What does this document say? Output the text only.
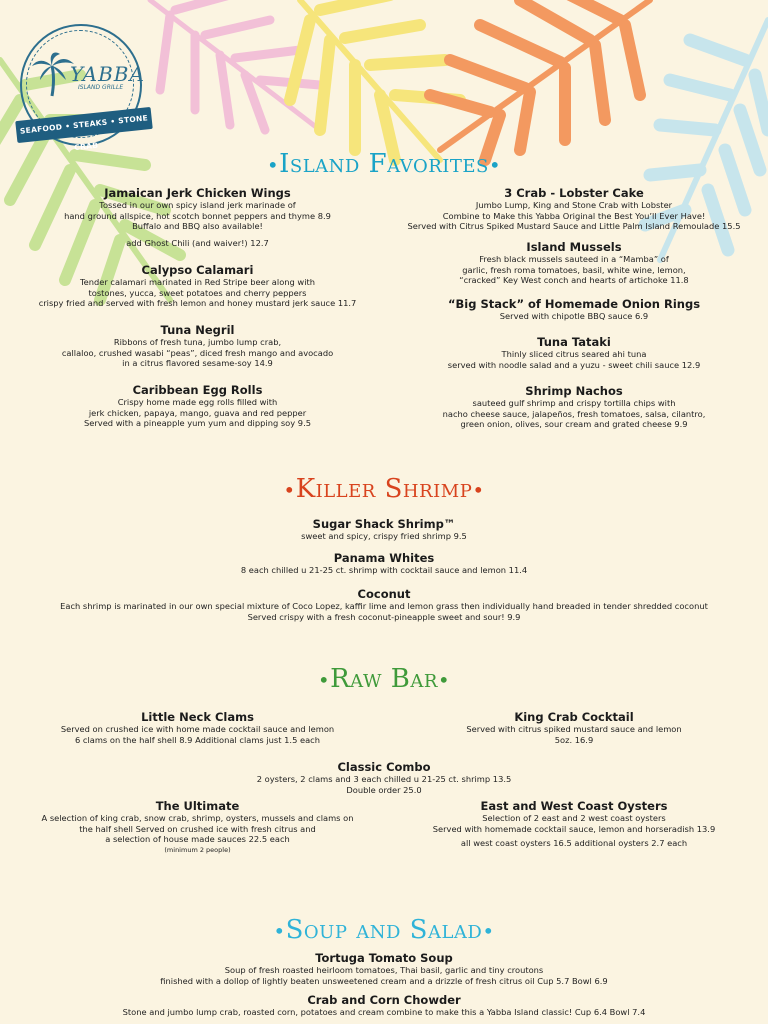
YABBA
ISLAND GRILLE
SEAFOOD • STEAKS • STONE CRAB
•Island Favorites•
Jamaican Jerk Chicken Wings

Tossed in our own spicy island jerk marinade of

hand ground allspice, hot scotch bonnet peppers and thyme 8.9

Buffalo and BBQ also available!

add Ghost Chili (and waiver!) 12.7

Calypso Calamari

Tender calamari marinated in Red Stripe beer along with

tostones, yucca, sweet potatoes and cherry peppers

crispy fried and served with fresh lemon and honey mustard jerk sauce 11.7

Tuna Negril

Ribbons of fresh tuna, jumbo lump crab,

callaloo, crushed wasabi “peas”, diced fresh mango and avocado

in a citrus flavored sesame-soy 14.9

Caribbean Egg Rolls

Crispy home made egg rolls filled with

jerk chicken, papaya, mango, guava and red pepper

Served with a pineapple yum yum and dipping soy 9.5

3 Crab - Lobster Cake

Jumbo Lump, King and Stone Crab with Lobster

Combine to Make this Yabba Original the Best You’ll Ever Have!

Served with Citrus Spiked Mustard Sauce and Little Palm Island Remoulade 15.5

Island Mussels

Fresh black mussels sauteed in a “Mamba” of

garlic, fresh roma tomatoes, basil, white wine, lemon,

“cracked” Key West conch and hearts of artichoke 11.8

“Big Stack” of Homemade Onion Rings

Served with chipotle BBQ sauce 6.9

Tuna Tataki

Thinly sliced citrus seared ahi tuna

served with noodle salad and a yuzu - sweet chili sauce 12.9

Shrimp Nachos

sauteed gulf shrimp and crispy tortilla chips with

nacho cheese sauce, jalapeños, fresh tomatoes, salsa, cilantro,

green onion, olives, sour cream and grated cheese 9.9

•Killer Shrimp•
Sugar Shack Shrimp™

sweet and spicy, crispy fried shrimp 9.5

Panama Whites

8 each chilled u 21-25 ct. shrimp with cocktail sauce and lemon 11.4

Coconut

Each shrimp is marinated in our own special mixture of Coco Lopez, kaffir lime and lemon grass then individually hand breaded in tender shredded coconut

Served crispy with a fresh coconut-pineapple sweet and sour! 9.9

•Raw Bar•
Little Neck Clams

Served on crushed ice with home made cocktail sauce and lemon

6 clams on the half shell 8.9 Additional clams just 1.5 each

King Crab Cocktail

Served with citrus spiked mustard sauce and lemon

5oz. 16.9

Classic Combo

2 oysters, 2 clams and 3 each chilled u 21-25 ct. shrimp 13.5

Double order 25.0

The Ultimate

A selection of king crab, snow crab, shrimp, oysters, mussels and clams on

the half shell Served on crushed ice with fresh citrus and

a selection of house made sauces 22.5 each

(minimum 2 people)

East and West Coast Oysters

Selection of 2 east and 2 west coast oysters

Served with homemade cocktail sauce, lemon and horseradish 13.9

all west coast oysters 16.5 additional oysters 2.7 each

•Soup and Salad•
Tortuga Tomato Soup

Soup of fresh roasted heirloom tomatoes, Thai basil, garlic and tiny croutons

finished with a dollop of lightly beaten unsweetened cream and a drizzle of fresh citrus oil Cup 5.7 Bowl 6.9

Crab and Corn Chowder

Stone and jumbo lump crab, roasted corn, potatoes and cream combine to make this a Yabba Island classic! Cup 6.4 Bowl 7.4
